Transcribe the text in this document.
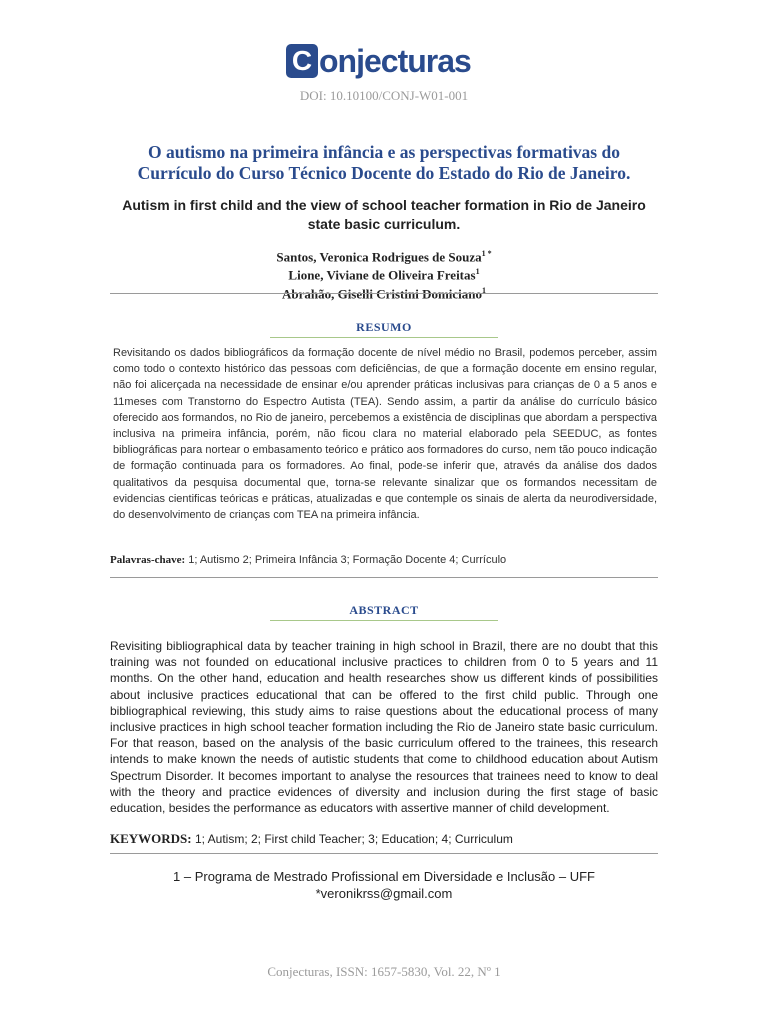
C onjecturas
DOI: 10.10100/CONJ-W01-001
O autismo na primeira infância e as perspectivas formativas do Currículo do Curso Técnico Docente do Estado do Rio de Janeiro.
Autism in first child and the view of school teacher formation in Rio de Janeiro state basic curriculum.
Santos, Veronica Rodrigues de Souza$^{1 *}$
Lione, Viviane de Oliveira Freitas$^1$
Abrahão, Giselli Cristini Domiciano$^1$
RESUMO
Revisitando os dados bibliográficos da formação docente de nível médio no Brasil, podemos perceber, assim como todo o contexto histórico das pessoas com deficiências, de que a formação docente em ensino regular, não foi alicerçada na necessidade de ensinar e/ou aprender práticas inclusivas para crianças de 0 a 5 anos e 11meses com Transtorno do Espectro Autista (TEA). Sendo assim, a partir da análise do currículo básico oferecido aos formandos, no Rio de janeiro, percebemos a existência de disciplinas que abordam a perspectiva inclusiva na primeira infância, porém, não ficou clara no material elaborado pela SEEDUC, as fontes bibliográficas para nortear o embasamento teórico e prático aos formadores do curso, nem tão pouco indicação de formação continuada para os formadores. Ao final, pode-se inferir que, através da análise dos dados qualitativos da pesquisa documental que, torna-se relevante sinalizar que os formandos necessitam de evidencias cientificas teóricas e práticas, atualizadas e que contemple os sinais de alerta da neurodiversidade, do desenvolvimento de crianças com TEA na primeira infância.
Palavras-chave: 1; Autismo 2; Primeira Infância 3; Formação Docente 4; Currículo
ABSTRACT
Revisiting bibliographical data by teacher training in high school in Brazil, there are no doubt that this training was not founded on educational inclusive practices to children from 0 to 5 years and 11 months. On the other hand, education and health researches show us different kinds of possibilities about inclusive practices educational that can be offered to the first child public. Through one bibliographical reviewing, this study aims to raise questions about the educational process of many inclusive practices in high school teacher formation including the Rio de Janeiro state basic curriculum. For that reason, based on the analysis of the basic curriculum offered to the trainees, this research intends to make known the needs of autistic students that come to childhood education about Autism Spectrum Disorder. It becomes important to analyse the resources that trainees need to know to deal with the theory and practice evidences of diversity and inclusion during the first stage of basic education, besides the performance as educators with assertive manner of child development.
KEYWORDS: 1; Autism; 2; First child Teacher; 3; Education; 4; Curriculum
1 – Programa de Mestrado Profissional em Diversidade e Inclusão – UFF
*veronikrss@gmail.com
Conjecturas, ISSN: 1657-5830, Vol. 22, Nº 1
